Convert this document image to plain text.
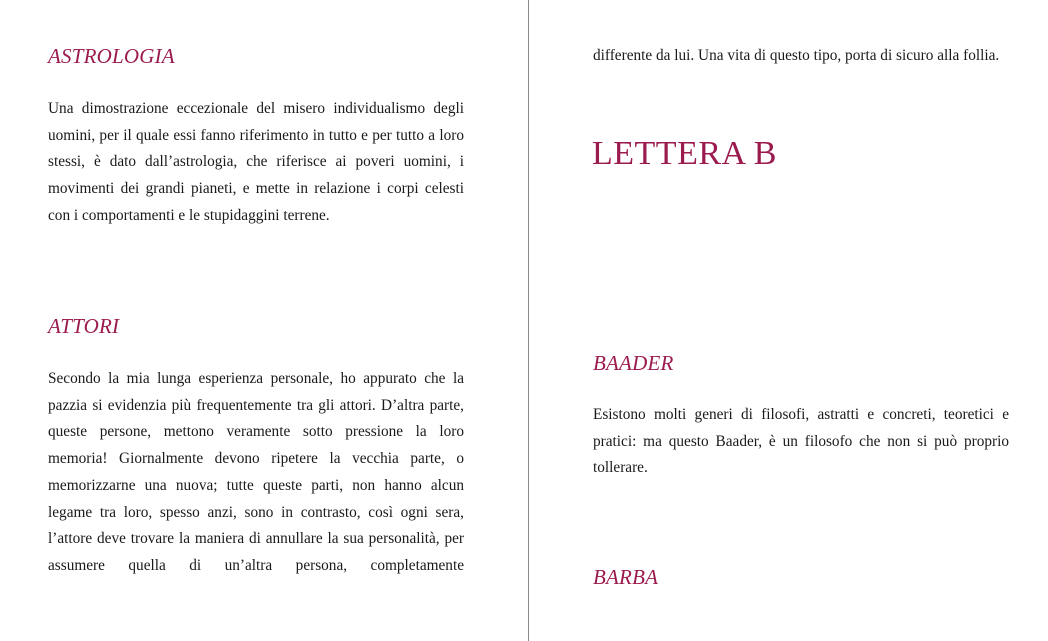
ASTROLOGIA

Una dimostrazione eccezionale del misero individualismo degli uomini, per il quale essi fanno riferimento in tutto e per tutto a loro stessi, è dato dall’astrologia, che riferisce ai poveri uomini, i movimenti dei grandi pianeti, e mette in relazione i corpi celesti con i comportamenti e le stupidaggini terrene.

ATTORI

Secondo la mia lunga esperienza personale, ho appurato che la pazzia si evidenzia più frequentemente tra gli attori. D’altra parte, queste persone, mettono veramente sotto pressione la loro memoria! Giornalmente devono ripetere la vecchia parte, o memorizzarne una nuova; tutte queste parti, non hanno alcun legame tra loro, spesso anzi, sono in contrasto, così ogni sera, l’attore deve trovare la maniera di annullare la sua personalità, per assumere quella di un’altra persona, completamente

differente da lui. Una vita di questo tipo, porta di sicuro alla follia.

LETTERA B
BAADER

Esistono molti generi di filosofi, astratti e concreti, teoretici e pratici: ma questo Baader, è un filosofo che non si può proprio tollerare.

BARBA
